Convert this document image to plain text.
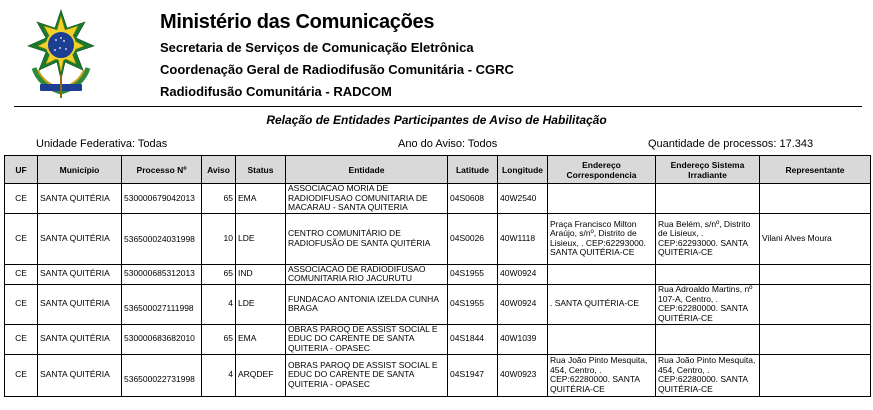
Ministério das Comunicações
Secretaria de Serviços de Comunicação Eletrônica
Coordenação Geral de Radiodifusão Comunitária - CGRC
Radiodifusão Comunitária - RADCOM
Relação de Entidades Participantes de Aviso de Habilitação
Unidade Federativa: Todas	Ano do Aviso: Todos	Quantidade de processos: 17.343
UF	Município	Processo Nº	Aviso	Status	Entidade	Latitude	Longitude	Endereço Correspondencia	Endereço Sistema Irradiante	Representante
CE	SANTA QUITÉRIA	530000679042013	65	EMA	ASSOCIACAO MORIA DE RADIODIFUSAO COMUNITARIA DE MACARAU - SANTA QUITERIA	04S0608	40W2540			
CE	SANTA QUITÉRIA	536500024031998	10	LDE	CENTRO COMUNITÁRIO DE RADIOFUSÃO DE SANTA QUITÉRIA	04S0026	40W1118	Praça Francisco Milton Araújo, s/nº, Distrito de Lisieux, . CEP:62293000. SANTA QUITÉRIA-CE	Rua Belém, s/nº, Distrito de Lisieux, . CEP:62293000. SANTA QUITÉRIA-CE	Vilani Alves Moura
CE	SANTA QUITÉRIA	530000685312013	65	IND	ASSOCIACAO DE RADIODIFUSAO COMUNITARIA RIO JACURUTU	04S1955	40W0924			
CE	SANTA QUITÉRIA	536500027111998	4	LDE	FUNDACAO ANTONIA IZELDA CUNHA BRAGA	04S1955	40W0924	. SANTA QUITÉRIA-CE	Rua Adroaldo Martins, nº 107-A, Centro, . CEP:62280000. SANTA QUITÉRIA-CE	
CE	SANTA QUITÉRIA	530000683682010	65	EMA	OBRAS PAROQ DE ASSIST SOCIAL E EDUC DO CARENTE DE SANTA QUITERIA - OPASEC	04S1844	40W1039			
CE	SANTA QUITÉRIA	536500022731998	4	ARQDEF	OBRAS PAROQ DE ASSIST SOCIAL E EDUC DO CARENTE DE SANTA QUITERIA - OPASEC	04S1947	40W0923	Rua João Pinto Mesquita, 454, Centro, . CEP:62280000. SANTA QUITÉRIA-CE	Rua João Pinto Mesquita, 454, Centro, . CEP:62280000. SANTA QUITÉRIA-CE	
